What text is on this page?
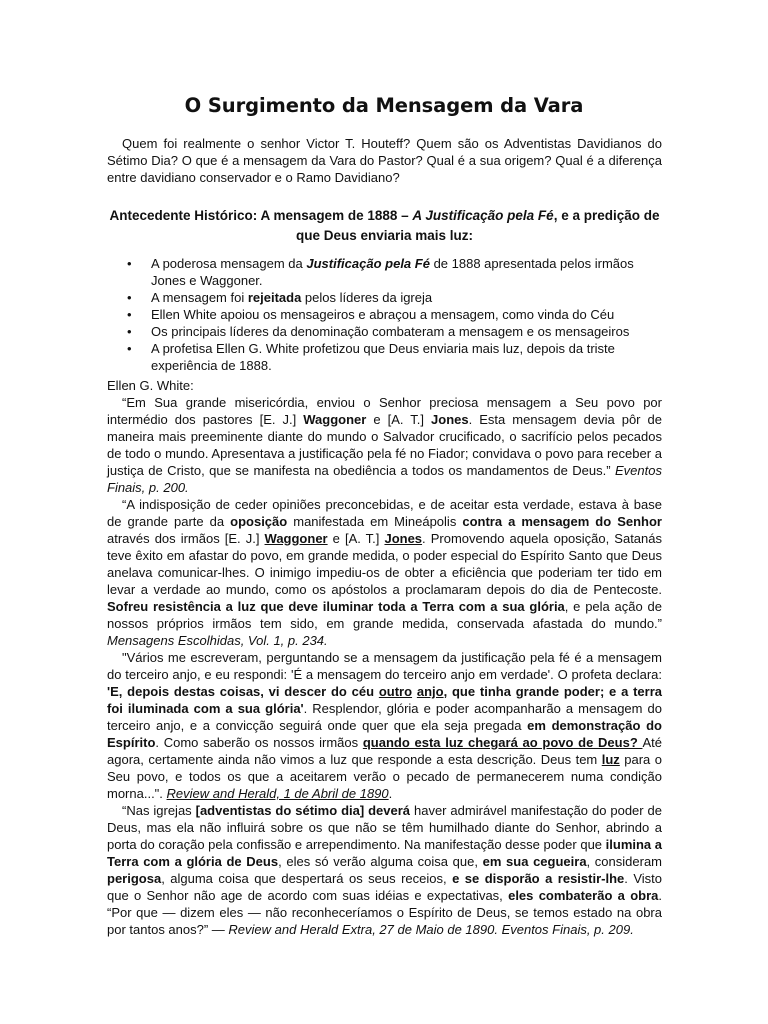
O Surgimento da Mensagem da Vara
Quem foi realmente o senhor Victor T. Houteff? Quem são os Adventistas Davidianos do Sétimo Dia? O que é a mensagem da Vara do Pastor? Qual é a sua origem? Qual é a diferença entre davidiano conservador e o Ramo Davidiano?
Antecedente Histórico: A mensagem de 1888 – A Justificação pela Fé, e a predição de que Deus enviaria mais luz:
• A poderosa mensagem da Justificação pela Fé de 1888 apresentada pelos irmãos Jones e Waggoner.
• A mensagem foi rejeitada pelos líderes da igreja
• Ellen White apoiou os mensageiros e abraçou a mensagem, como vinda do Céu
• Os principais líderes da denominação combateram a mensagem e os mensageiros
• A profetisa Ellen G. White profetizou que Deus enviaria mais luz, depois da triste experiência de 1888.
Ellen G. White:

“Em Sua grande misericórdia, enviou o Senhor preciosa mensagem a Seu povo por intermédio dos pastores [E. J.] Waggoner e [A. T.] Jones. Esta mensagem devia pôr de maneira mais preeminente diante do mundo o Salvador crucificado, o sacrifício pelos pecados de todo o mundo. Apresentava a justificação pela fé no Fiador; convidava o povo para receber a justiça de Cristo, que se manifesta na obediência a todos os mandamentos de Deus.” Eventos Finais, p. 200.

“A indisposição de ceder opiniões preconcebidas, e de aceitar esta verdade, estava à base de grande parte da oposição manifestada em Mineápolis contra a mensagem do Senhor através dos irmãos [E. J.] Waggoner e [A. T.] Jones. Promovendo aquela oposição, Satanás teve êxito em afastar do povo, em grande medida, o poder especial do Espírito Santo que Deus anelava comunicar-lhes. O inimigo impediu-os de obter a eficiência que poderiam ter tido em levar a verdade ao mundo, como os apóstolos a proclamaram depois do dia de Pentecoste. Sofreu resistência a luz que deve iluminar toda a Terra com a sua glória, e pela ação de nossos próprios irmãos tem sido, em grande medida, conservada afastada do mundo.” Mensagens Escolhidas, Vol. 1, p. 234.

"Vários me escreveram, perguntando se a mensagem da justificação pela fé é a mensagem do terceiro anjo, e eu respondi: 'É a mensagem do terceiro anjo em verdade'. O profeta declara: 'E, depois destas coisas, vi descer do céu outro anjo, que tinha grande poder; e a terra foi iluminada com a sua glória'. Resplendor, glória e poder acompanharão a mensagem do terceiro anjo, e a convicção seguirá onde quer que ela seja pregada em demonstração do Espírito. Como saberão os nossos irmãos quando esta luz chegará ao povo de Deus? Até agora, certamente ainda não vimos a luz que responde a esta descrição. Deus tem luz para o Seu povo, e todos os que a aceitarem verão o pecado de permanecerem numa condição morna...". Review and Herald, 1 de Abril de 1890.

“Nas igrejas [adventistas do sétimo dia] deverá haver admirável manifestação do poder de Deus, mas ela não influirá sobre os que não se têm humilhado diante do Senhor, abrindo a porta do coração pela confissão e arrependimento. Na manifestação desse poder que ilumina a Terra com a glória de Deus, eles só verão alguma coisa que, em sua cegueira, consideram perigosa, alguma coisa que despertará os seus receios, e se disporão a resistir-lhe. Visto que o Senhor não age de acordo com suas idéias e expectativas, eles combaterão a obra. “Por que — dizem eles — não reconheceríamos o Espírito de Deus, se temos estado na obra por tantos anos?” — Review and Herald Extra, 27 de Maio de 1890. Eventos Finais, p. 209.
